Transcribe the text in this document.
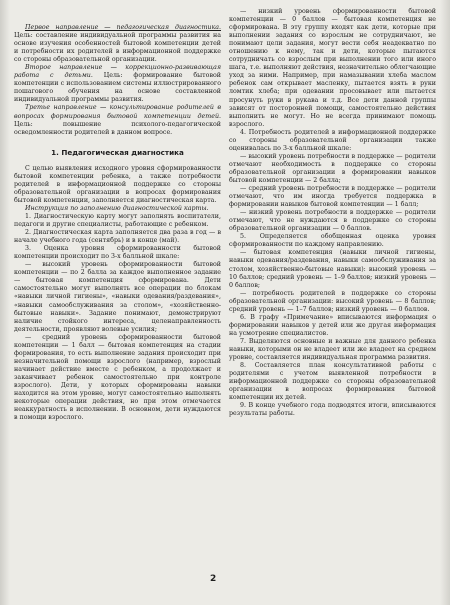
Первое направление — педагогическая диагностика. Цель: составление индивидуальной программы развития на основе изучения особенностей бытовой компетенции детей и потребности их родителей в информационной поддержке со стороны образовательной организации.

Второе направление — коррекционно-развивающая работа с детьми. Цель: формирование бытовой компетенции с использованием системы иллюстрированного пошагового обучения на основе составленной индивидуальной программы развития.

Третье направление — консультирование родителей в вопросах формирования бытовой компетенции детей. Цель: повышение психолого-педагогической осведомленности родителей в данном вопросе.

1. Педагогическая диагностика

С целью выявления исходного уровня сформированности бытовой компетенции ребенка, а также потребности родителей в информационной поддержке со стороны образовательной организации в вопросах формирования бытовой компетенции, заполняется диагностическая карта.

Инструкция по заполнению диагностической карты.

1. Диагностическую карту могут заполнять воспитатели, педагоги и другие специалисты, работающие с ребенком.

2. Диагностическая карта заполняется два раза в год — в начале учебного года (сентябрь) и в конце (май).

3. Оценка уровня сформированности бытовой компетенции происходит по 3-х балльной шкале:

— высокий уровень сформированности бытовой компетенции — по 2 балла за каждое выполненное задание — бытовая компетенция сформирована. Дети самостоятельно могут выполнять все операции по блокам «навыки личной гигиены», «навыки одевания/раздевания», «навыки самообслуживания за столом», «хозяйственно-бытовые навыки». Задание понимают, демонстрируют наличие стойкого интереса, целенаправленность деятельности, проявляют волевые усилия;

— средний уровень сформированности бытовой компетенции — 1 балл — бытовая компетенция на стадии формирования, то есть выполнение задания происходит при незначительной помощи взрослого (например, взрослый начинает действие вместе с ребенком, а продолжает и заканчивает ребенок самостоятельно при контроле взрослого). Дети, у которых сформированы навыки находится на этом уровне, могут самостоятельно выполнять некоторые операции действия, но при этом отмечается неаккуратность в исполнении. В основном, дети нуждаются в помощи взрослого.

— низкий уровень сформированности бытовой компетенции — 0 баллов — бытовая компетенция не сформирована. В эту группу входят как дети, которые при выполнении задания со взрослым не сотрудничают, не понимают цели задания, могут вести себя неадекватно по отношению к нему, так и дети, которые пытаются сотрудничать со взрослым при выполнении того или иного шага, т.е. выполняют действия, незначительно облегчающие уход за ними. Например, при намазывании хлеба маслом ребенок сам открывает масленку, пытается взять в руки ломтик хлеба; при одевании просовывает или пытается просунуть руки в рукава и т.д. Все дети данной группы зависят от посторонней помощи, самостоятельно действия выполнить не могут. Но не всегда принимают помощь взрослого.

4. Потребность родителей в информационной поддержке со стороны образовательной организации также оценивалась по 3-х балльной шкале:

— высокий уровень потребности в поддержке — родители отмечают необходимость в поддержке со стороны образовательной организации в формировании навыков бытовой компетенции — 2 балла;

— средний уровень потребности в поддержке — родители отмечают, что им иногда требуется поддержка в формировании навыков бытовой компетенции — 1 балл;

— низкий уровень потребности в поддержке — родители отмечают, что не нуждаются в поддержке со стороны образовательной организации — 0 баллов.

5. Определяется обобщенная оценка уровня сформированности по каждому направлению.

— бытовая компетенция (навыки личной гигиены, навыки одевания/раздевания, навыки самообслуживания за столом, хозяйственно-бытовые навыки): высокий уровень — 10 баллов; средний уровень — 1–9 баллов; низкий уровень — 0 баллов;

— потребность родителей в поддержке со стороны образовательной организации: высокий уровень — 8 баллов; средний уровень — 1–7 баллов; низкий уровень — 0 баллов.

6. В графу «Примечание» вписываются информация о формировании навыков у детей или же другая информация на усмотрение специалистов.

7. Выделяются основные и важные для данного ребенка навыки, которыми он не владеет или же владеет на среднем уровне, составляется индивидуальная программа развития.

8. Составляется план консультативной работы с родителями с учетом выявленной потребности в информационной поддержке со стороны образовательной организации в вопросах формирования бытовой компетенции их детей.

9. В конце учебного года подводятся итоги, вписываются результаты работы.

2
